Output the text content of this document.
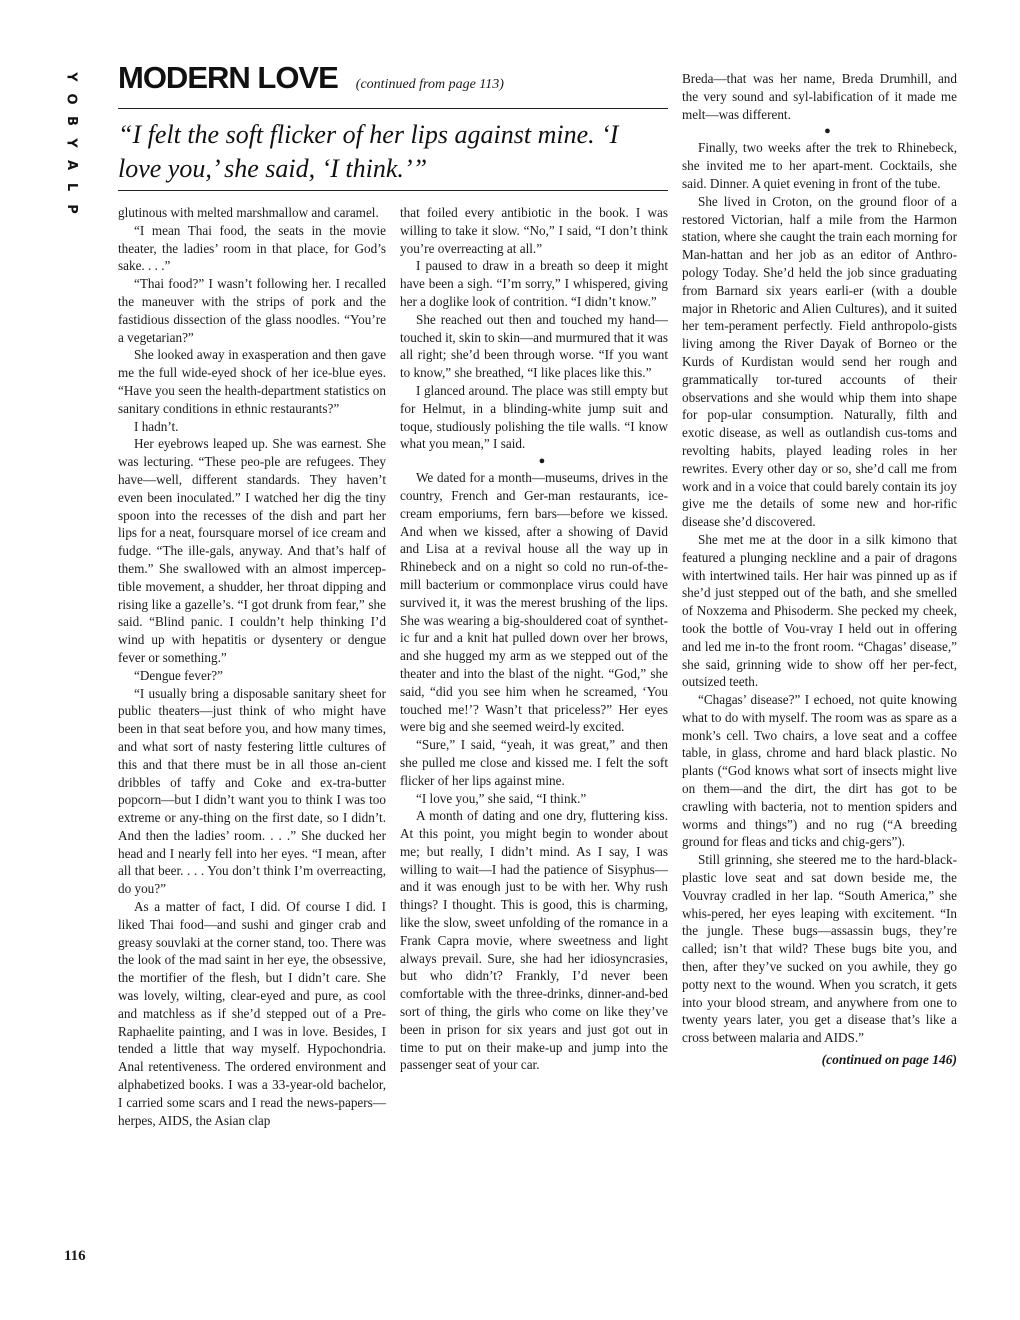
Y
O
B
Y
A
L
P
MODERN LOVE (continued from page 113)
“I felt the soft flicker of her lips against mine. ‘I love you,’ she said, ‘I think.’”

glutinous with melted marshmallow and caramel.

“I mean Thai food, the seats in the movie theater, the ladies’ room in that place, for God’s sake. . . .”

“Thai food?” I wasn’t following her. I recalled the maneuver with the strips of pork and the fastidious dissection of the glass noodles. “You’re a vegetarian?”

She looked away in exasperation and then gave me the full wide-eyed shock of her ice-blue eyes. “Have you seen the health-department statistics on sanitary conditions in ethnic restaurants?”

I hadn’t.

Her eyebrows leaped up. She was earnest. She was lecturing. “These peo-ple are refugees. They have—well, different standards. They haven’t even been inoculated.” I watched her dig the tiny spoon into the recesses of the dish and part her lips for a neat, foursquare morsel of ice cream and fudge. “The ille-gals, anyway. And that’s half of them.” She swallowed with an almost impercep-tible movement, a shudder, her throat dipping and rising like a gazelle’s. “I got drunk from fear,” she said. “Blind panic. I couldn’t help thinking I’d wind up with hepatitis or dysentery or dengue fever or something.”

“Dengue fever?”

“I usually bring a disposable sanitary sheet for public theaters—just think of who might have been in that seat before you, and how many times, and what sort of nasty festering little cultures of this and that there must be in all those an-cient dribbles of taffy and Coke and ex-tra-butter popcorn—but I didn’t want you to think I was too extreme or any-thing on the first date, so I didn’t. And then the ladies’ room. . . .” She ducked her head and I nearly fell into her eyes. “I mean, after all that beer. . . . You don’t think I’m overreacting, do you?”

As a matter of fact, I did. Of course I did. I liked Thai food—and sushi and ginger crab and greasy souvlaki at the corner stand, too. There was the look of the mad saint in her eye, the obsessive, the mortifier of the flesh, but I didn’t care. She was lovely, wilting, clear-eyed and pure, as cool and matchless as if she’d stepped out of a Pre-Raphaelite painting, and I was in love. Besides, I tended a little that way myself. Hypochondria. Anal retentiveness. The ordered environment and alphabetized books. I was a 33-year-old bachelor, I carried some scars and I read the news-papers—herpes, AIDS, the Asian clap

that foiled every antibiotic in the book. I was willing to take it slow. “No,” I said, “I don’t think you’re overreacting at all.”

I paused to draw in a breath so deep it might have been a sigh. “I’m sorry,” I whispered, giving her a doglike look of contrition. “I didn’t know.”

She reached out then and touched my hand—touched it, skin to skin—and murmured that it was all right; she’d been through worse. “If you want to know,” she breathed, “I like places like this.”

I glanced around. The place was still empty but for Helmut, in a blinding-white jump suit and toque, studiously polishing the tile walls. “I know what you mean,” I said.

●

We dated for a month—museums, drives in the country, French and Ger-man restaurants, ice-cream emporiums, fern bars—before we kissed. And when we kissed, after a showing of David and Lisa at a revival house all the way up in Rhinebeck and on a night so cold no run-of-the-mill bacterium or commonplace virus could have survived it, it was the merest brushing of the lips. She was wearing a big-shouldered coat of synthet-ic fur and a knit hat pulled down over her brows, and she hugged my arm as we stepped out of the theater and into the blast of the night. “God,” she said, “did you see him when he screamed, ‘You touched me!’? Wasn’t that priceless?” Her eyes were big and she seemed weird-ly excited.

“Sure,” I said, “yeah, it was great,” and then she pulled me close and kissed me. I felt the soft flicker of her lips against mine.

“I love you,” she said, “I think.”

A month of dating and one dry, fluttering kiss. At this point, you might begin to wonder about me; but really, I didn’t mind. As I say, I was willing to wait—I had the patience of Sisyphus—and it was enough just to be with her. Why rush things? I thought. This is good, this is charming, like the slow, sweet unfolding of the romance in a Frank Capra movie, where sweetness and light always prevail. Sure, she had her idiosyncrasies, but who didn’t? Frankly, I’d never been comfortable with the three-drinks, dinner-and-bed sort of thing, the girls who come on like they’ve been in prison for six years and just got out in time to put on their make-up and jump into the passenger seat of your car.

Breda—that was her name, Breda Drumhill, and the very sound and syl-labification of it made me melt—was different.

●

Finally, two weeks after the trek to Rhinebeck, she invited me to her apart-ment. Cocktails, she said. Dinner. A quiet evening in front of the tube.

She lived in Croton, on the ground floor of a restored Victorian, half a mile from the Harmon station, where she caught the train each morning for Man-hattan and her job as an editor of Anthro-pology Today. She’d held the job since graduating from Barnard six years earli-er (with a double major in Rhetoric and Alien Cultures), and it suited her tem-perament perfectly. Field anthropolo-gists living among the River Dayak of Borneo or the Kurds of Kurdistan would send her rough and grammatically tor-tured accounts of their observations and she would whip them into shape for pop-ular consumption. Naturally, filth and exotic disease, as well as outlandish cus-toms and revolting habits, played leading roles in her rewrites. Every other day or so, she’d call me from work and in a voice that could barely contain its joy give me the details of some new and hor-rific disease she’d discovered.

She met me at the door in a silk kimono that featured a plunging neckline and a pair of dragons with intertwined tails. Her hair was pinned up as if she’d just stepped out of the bath, and she smelled of Noxzema and Phisoderm. She pecked my cheek, took the bottle of Vou-vray I held out in offering and led me in-to the front room. “Chagas’ disease,” she said, grinning wide to show off her per-fect, outsized teeth.

“Chagas’ disease?” I echoed, not quite knowing what to do with myself. The room was as spare as a monk’s cell. Two chairs, a love seat and a coffee table, in glass, chrome and hard black plastic. No plants (“God knows what sort of insects might live on them—and the dirt, the dirt has got to be crawling with bacteria, not to mention spiders and worms and things”) and no rug (“A breeding ground for fleas and ticks and chig-gers”).

Still grinning, she steered me to the hard-black-plastic love seat and sat down beside me, the Vouvray cradled in her lap. “South America,” she whis-pered, her eyes leaping with excitement. “In the jungle. These bugs—assassin bugs, they’re called; isn’t that wild? These bugs bite you, and then, after they’ve sucked on you awhile, they go potty next to the wound. When you scratch, it gets into your blood stream, and anywhere from one to twenty years later, you get a disease that’s like a cross between malaria and AIDS.”

(continued on page 146)
116
